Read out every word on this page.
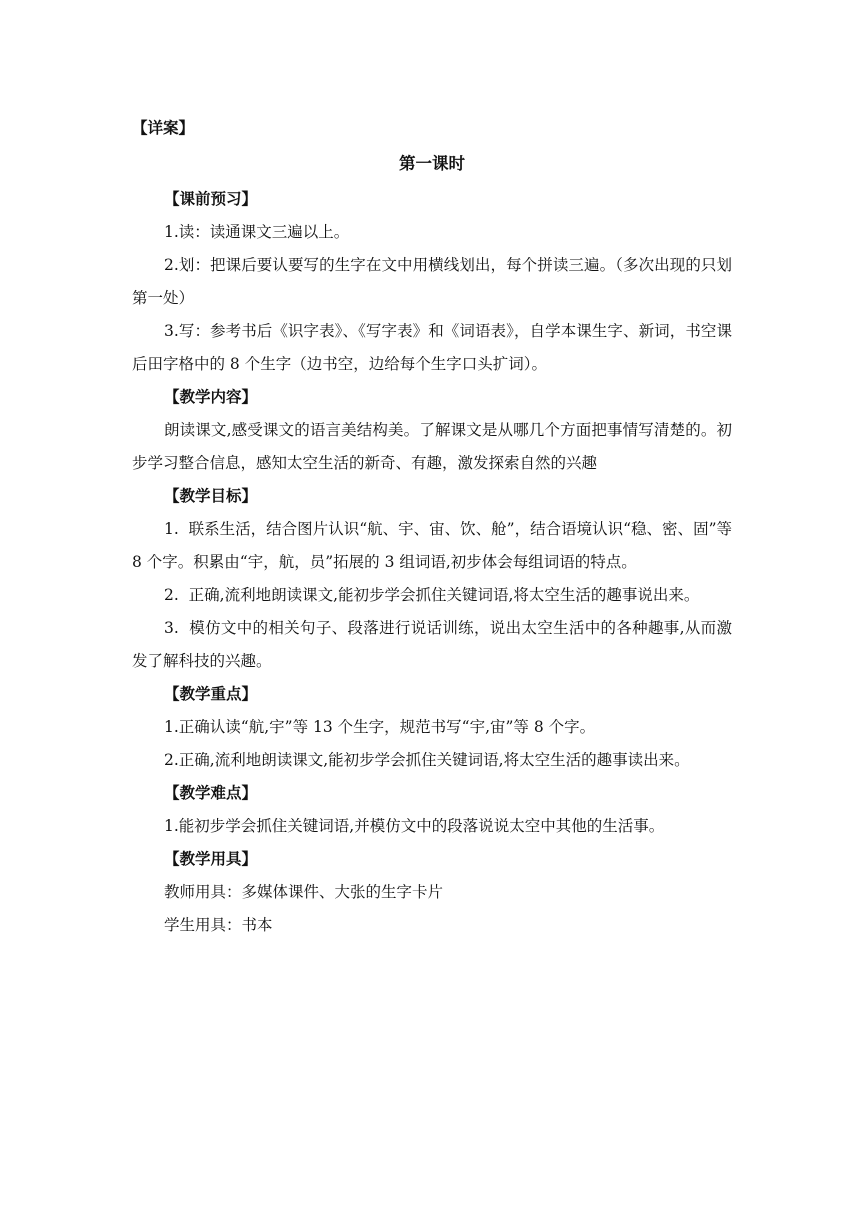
【详案】

第一课时

【课前预习】

1.读：读通课文三遍以上。

2.划：把课后要认要写的生字在文中用横线划出，每个拼读三遍。（多次出现的只划第一处）

3.写：参考书后《识字表》、《写字表》和《词语表》，自学本课生字、新词，书空课后田字格中的 8 个生字（边书空，边给每个生字口头扩词）。

【教学内容】

朗读课文,感受课文的语言美结构美。了解课文是从哪几个方面把事情写清楚的。初步学习整合信息，感知太空生活的新奇、有趣，激发探索自然的兴趣

【教学目标】

1.  联系生活，结合图片认识“航、宇、宙、饮、舱”，结合语境认识“稳、密、固”等 8 个字。积累由“宇，航，员”拓展的 3 组词语,初步体会每组词语的特点。

2.  正确,流利地朗读课文,能初步学会抓住关键词语,将太空生活的趣事说出来。

3.  模仿文中的相关句子、段落进行说话训练，说出太空生活中的各种趣事,从而激发了解科技的兴趣。

【教学重点】

1.正确认读“航,宇”等 13 个生字，规范书写“宇,宙”等 8 个字。

2.正确,流利地朗读课文,能初步学会抓住关键词语,将太空生活的趣事读出来。

【教学难点】

1.能初步学会抓住关键词语,并模仿文中的段落说说太空中其他的生活事。

【教学用具】

教师用具：多媒体课件、大张的生字卡片

学生用具：书本
